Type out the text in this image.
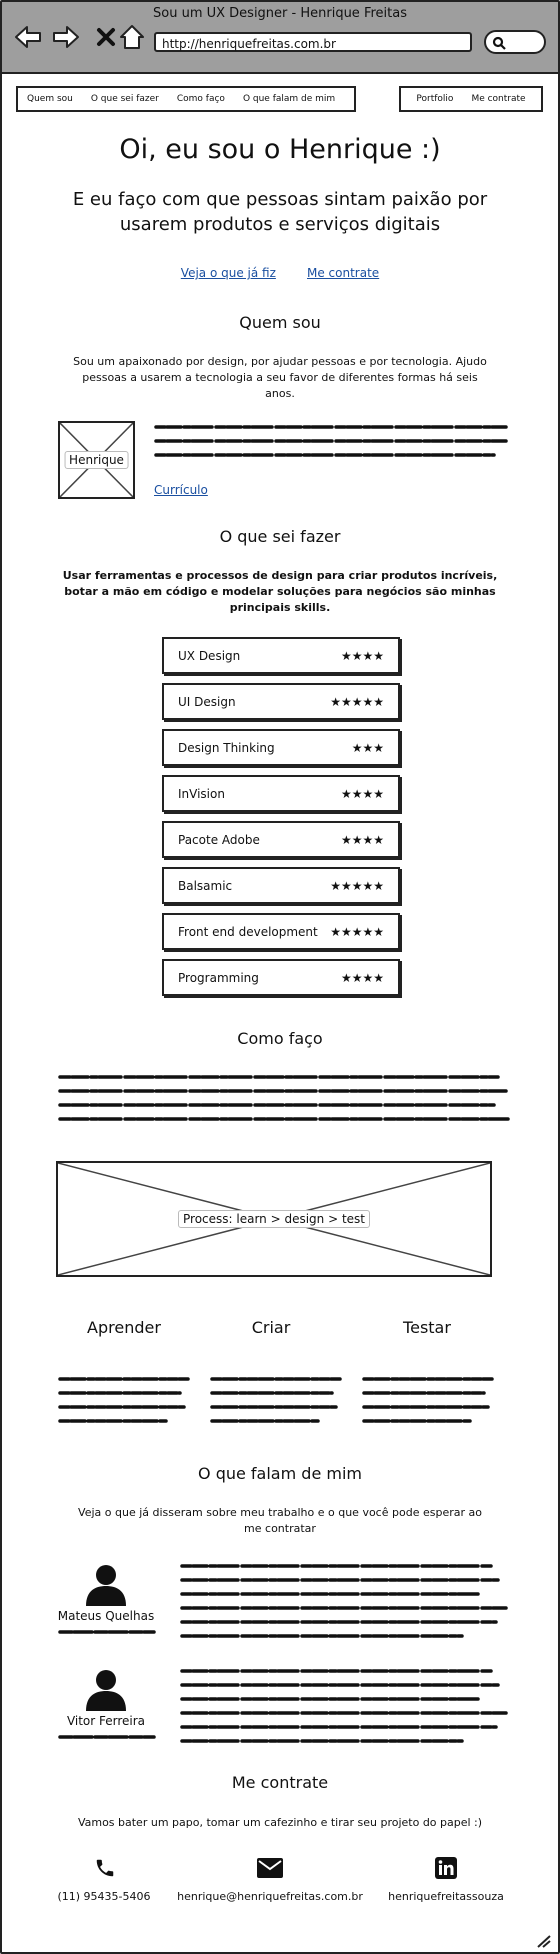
Sou um UX Designer - Henrique Freitas
http://henriquefreitas.com.br
Quem sou	O que sei fazer	Como faço	O que falam de mim	Portfolio	Me contrate
Oi, eu sou o Henrique :)
E eu faço com que pessoas sintam paixão por
usarem produtos e serviços digitais
Veja o que já fiz	Me contrate
Quem sou
Sou um apaixonado por design, por ajudar pessoas e por tecnologia. Ajudo
pessoas a usarem a tecnologia a seu favor de diferentes formas há seis
anos.
Henrique
Currículo
O que sei fazer
Usar ferramentas e processos de design para criar produtos incríveis,
botar a mão em código e modelar soluções para negócios são minhas
principais skills.
UX Design	★★★★
UI Design	★★★★★
Design Thinking	★★★
InVision	★★★★
Pacote Adobe	★★★★
Balsamic	★★★★★
Front end development ★★★★★
Programming	★★★★
Como faço
Process: learn > design > test
Aprender	Criar	Testar
O que falam de mim
Veja o que já disseram sobre meu trabalho e o que você pode esperar ao
me contratar
Mateus Quelhas
Vitor Ferreira
Me contrate
Vamos bater um papo, tomar um cafezinho e tirar seu projeto do papel :)
(11) 95435-5406	henrique@henriquefreitas.com.br	henriquefreitassouza
